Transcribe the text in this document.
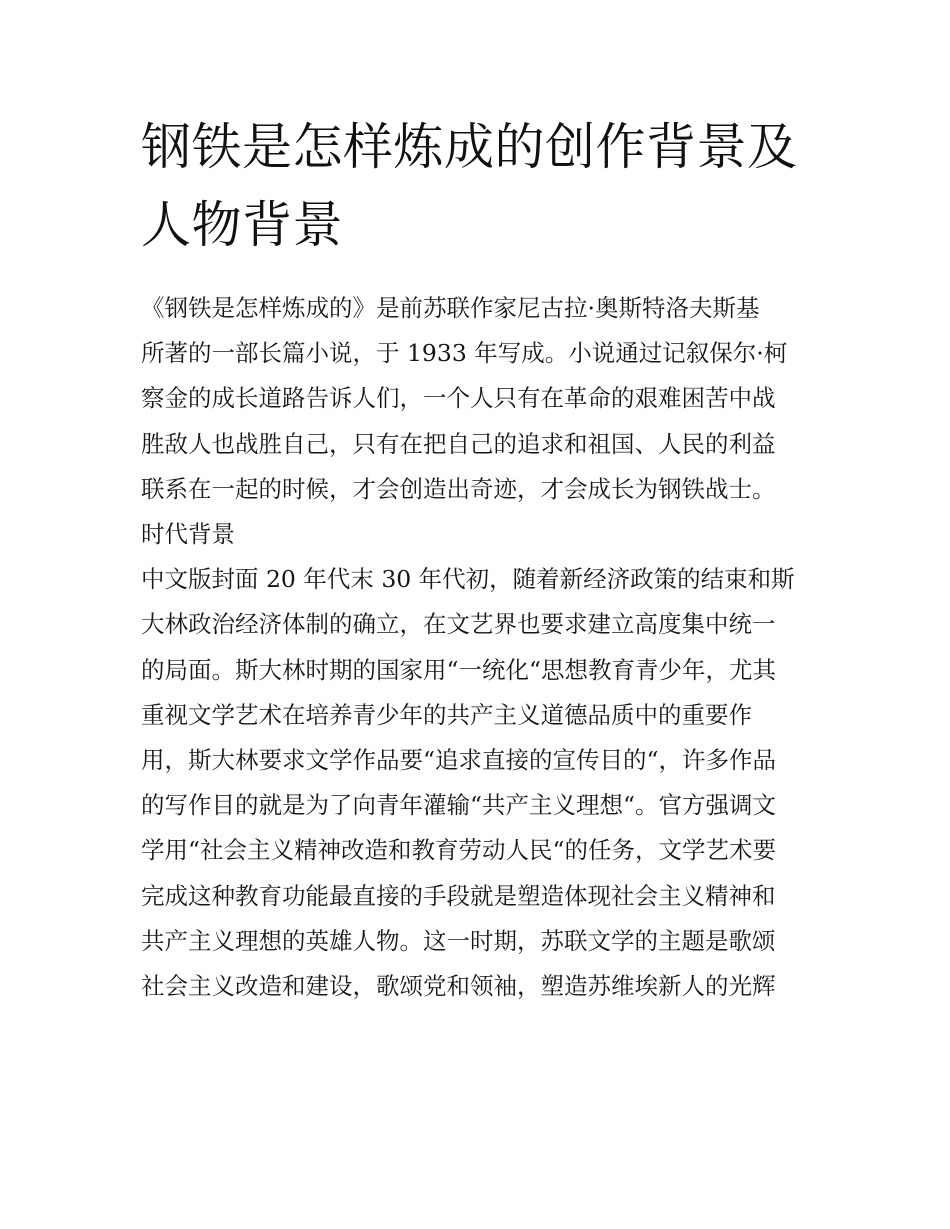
钢铁是怎样炼成的创作背景及
人物背景

《钢铁是怎样炼成的》是前苏联作家尼古拉·奥斯特洛夫斯基
所著的一部长篇小说，于 1933 年写成。小说通过记叙保尔·柯
察金的成长道路告诉人们，一个人只有在革命的艰难困苦中战
胜敌人也战胜自己，只有在把自己的追求和祖国、人民的利益
联系在一起的时候，才会创造出奇迹，才会成长为钢铁战士。

时代背景

中文版封面 20 年代末 30 年代初，随着新经济政策的结束和斯
大林政治经济体制的确立，在文艺界也要求建立高度集中统一
的局面。斯大林时期的国家用“一统化“思想教育青少年，尤其
重视文学艺术在培养青少年的共产主义道德品质中的重要作
用，斯大林要求文学作品要“追求直接的宣传目的“，许多作品
的写作目的就是为了向青年灌输“共产主义理想“。官方强调文
学用“社会主义精神改造和教育劳动人民“的任务，文学艺术要
完成这种教育功能最直接的手段就是塑造体现社会主义精神和
共产主义理想的英雄人物。这一时期，苏联文学的主题是歌颂
社会主义改造和建设，歌颂党和领袖，塑造苏维埃新人的光辉
